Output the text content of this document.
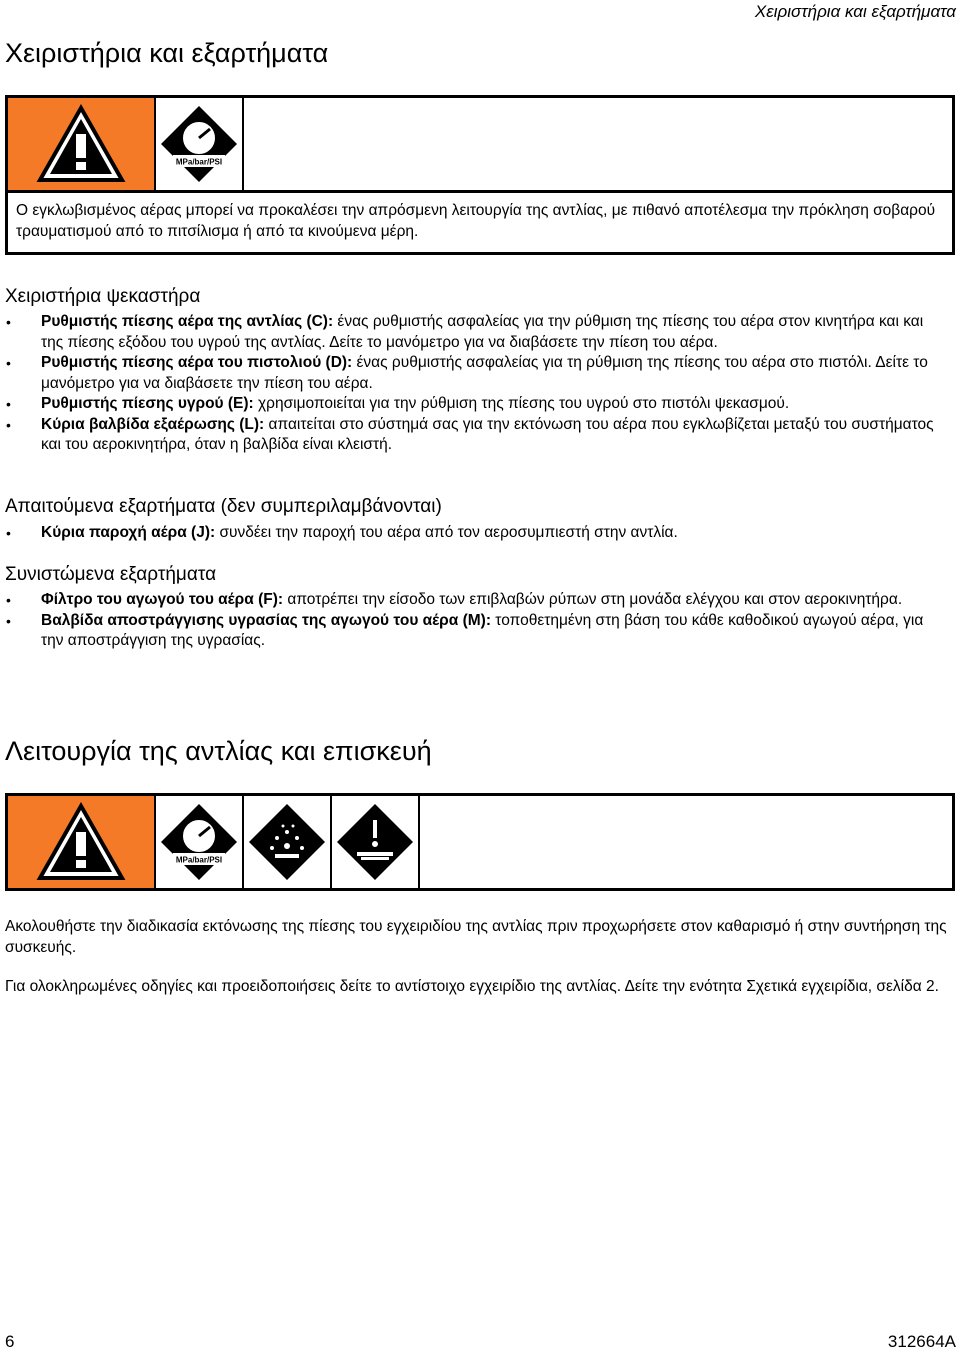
Χειριστήρια και εξαρτήματα
Χειριστήρια και εξαρτήματα
MPa/bar/PSI
Ο εγκλωβισμένος αέρας μπορεί να προκαλέσει την απρόσμενη λειτουργία της αντλίας, με πιθανό αποτέλεσμα την πρόκληση σοβαρού τραυματισμού από το πιτσίλισμα ή από τα κινούμενα μέρη.
Χειριστήρια ψεκαστήρα
• Ρυθμιστής πίεσης αέρα της αντλίας (C): ένας ρυθμιστής ασφαλείας για την ρύθμιση της πίεσης του αέρα στον κινητήρα και και της πίεσης εξόδου του υγρού της αντλίας. Δείτε το μανόμετρο για να διαβάσετε την πίεση του αέρα.
• Ρυθμιστής πίεσης αέρα του πιστολιού (D): ένας ρυθμιστής ασφαλείας για τη ρύθμιση της πίεσης του αέρα στο πιστόλι. Δείτε το μανόμετρο για να διαβάσετε την πίεση του αέρα.
• Ρυθμιστής πίεσης υγρού (E): χρησιμοποιείται για την ρύθμιση της πίεσης του υγρού στο πιστόλι ψεκασμού.
• Κύρια βαλβίδα εξαέρωσης (L): απαιτείται στο σύστημά σας για την εκτόνωση του αέρα που εγκλωβίζεται μεταξύ του συστήματος και του αεροκινητήρα, όταν η βαλβίδα είναι κλειστή.
Απαιτούμενα εξαρτήματα (δεν συμπεριλαμβάνονται)
• Κύρια παροχή αέρα (J): συνδέει την παροχή του αέρα από τον αεροσυμπιεστή στην αντλία.
Συνιστώμενα εξαρτήματα
• Φίλτρο του αγωγού του αέρα (F): αποτρέπει την είσοδο των επιβλαβών ρύπων στη μονάδα ελέγχου και στον αεροκινητήρα.
• Βαλβίδα αποστράγγισης υγρασίας της αγωγού του αέρα (M): τοποθετημένη στη βάση του κάθε καθοδικού αγωγού αέρα, για την αποστράγγιση της υγρασίας.
Λειτουργία της αντλίας και επισκευή
MPa/bar/PSI

Ακολουθήστε την διαδικασία εκτόνωσης της πίεσης του εγχειριδίου της αντλίας πριν προχωρήσετε στον καθαρισμό ή στην συντήρηση της συσκευής.

Για ολοκληρωμένες οδηγίες και προειδοποιήσεις δείτε το αντίστοιχο εγχειρίδιο της αντλίας. Δείτε την ενότητα Σχετικά εγχειρίδια, σελίδα 2.

6	312664A
